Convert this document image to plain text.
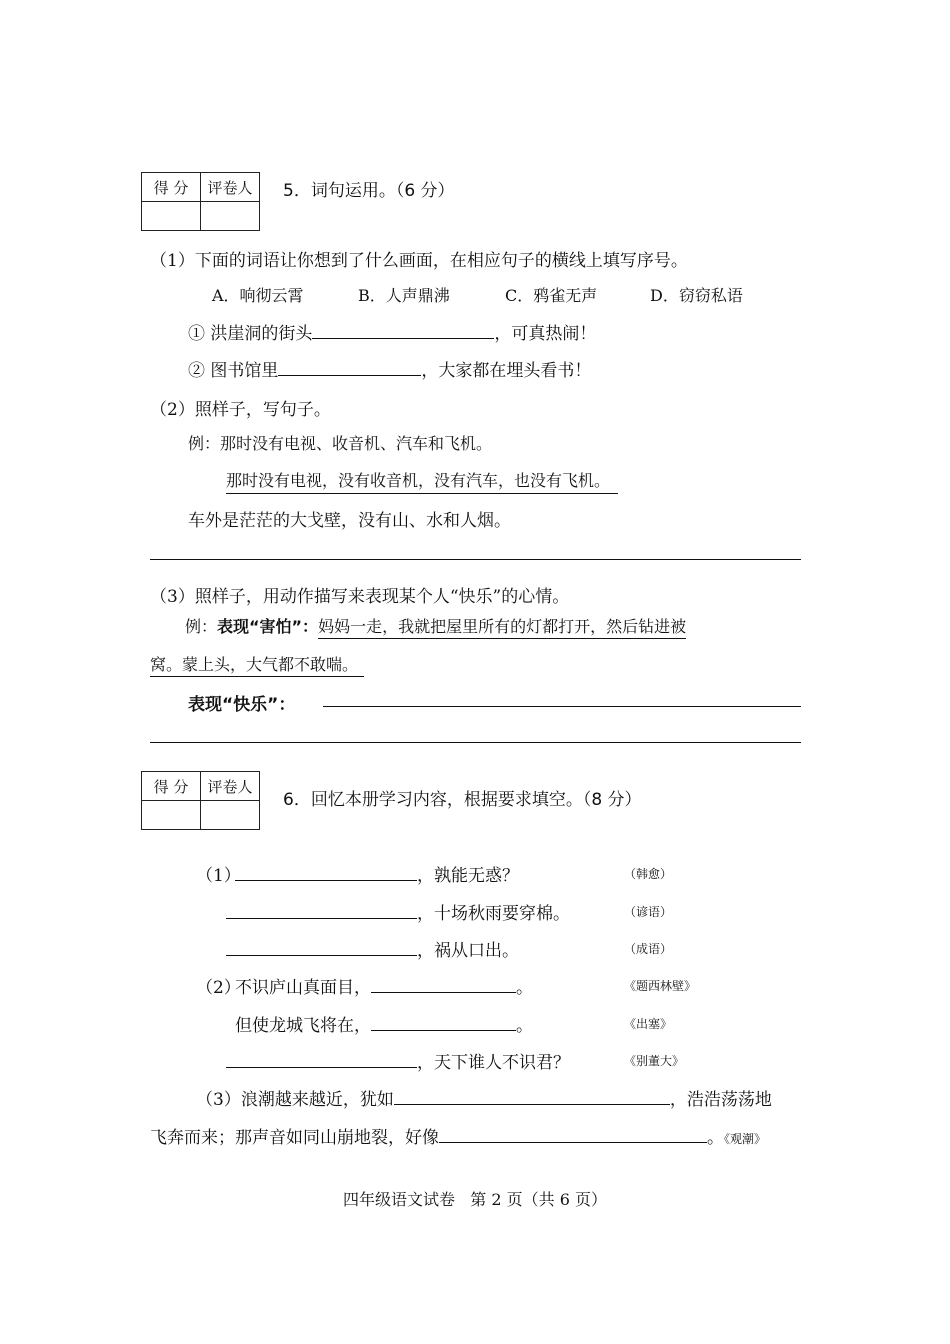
得 分	评卷人
	5．词句运用。（6 分）
（1）下面的词语让你想到了什么画面，在相应句子的横线上填写序号。
A．响彻云霄	B．人声鼎沸	C．鸦雀无声	D．窃窃私语
① 洪崖洞的街头	，可真热闹！
② 图书馆里	，大家都在埋头看书！
（2）照样子，写句子。
例：那时没有电视、收音机、汽车和飞机。
那时没有电视，没有收音机，没有汽车，也没有飞机。
车外是茫茫的大戈壁，没有山、水和人烟。
（3）照样子，用动作描写来表现某个人“快乐”的心情。
例：表现“害怕”：妈妈一走，我就把屋里所有的灯都打开，然后钻进被
窝。蒙上头，大气都不敢喘。
表现“快乐”：
得 分	评卷人

6．回忆本册学习内容，根据要求填空。（8 分）
（1）	，孰能无惑？	（韩愈）
，十场秋雨要穿棉。	（谚语）
，祸从口出。	（成语）
（2）
不识庐山真面目，	。	《题西林壁》
但使龙城飞将在，	。	《出塞》
，天下谁人不识君？	《别董大》
（3）浪潮越来越近，犹如	，浩浩荡荡地
飞奔而来；那声音如同山崩地裂，好像	。《观潮》
四年级语文试卷   第 2 页（共 6 页）
